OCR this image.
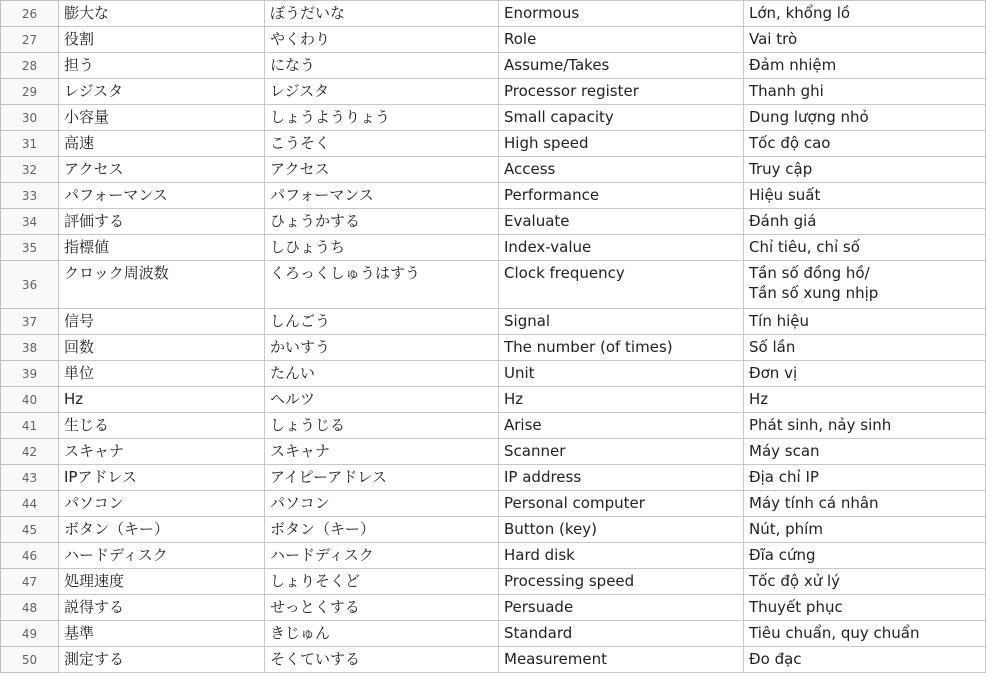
26	膨大な	ぼうだいな	Enormous	Lớn, khổng lồ

27	役割	やくわり	Role	Vai trò

28	担う	になう	Assume/Takes	Đảm nhiệm

29	レジスタ	レジスタ	Processor register	Thanh ghi

30	小容量	しょうようりょう	Small capacity	Dung lượng nhỏ

31	高速	こうそく	High speed	Tốc độ cao

32	アクセス	アクセス	Access	Truy cập

33	パフォーマンス	パフォーマンス	Performance	Hiệu suất

34	評価する	ひょうかする	Evaluate	Đánh giá

35	指標値	しひょうち	Index-value	Chỉ tiêu, chỉ số

36	クロック周波数	くろっくしゅうはすう	Clock frequency	Tần số đồng hồ/
Tần số xung nhịp

37	信号	しんごう	Signal	Tín hiệu

38	回数	かいすう	The number (of times)	Số lần

39	単位	たんい	Unit	Đơn vị

40	Hz	ヘルツ	Hz	Hz

41	生じる	しょうじる	Arise	Phát sinh, nảy sinh

42	スキャナ	スキャナ	Scanner	Máy scan

43	IPアドレス	アイピーアドレス	IP address	Địa chỉ IP

44	パソコン	パソコン	Personal computer	Máy tính cá nhân

45	ボタン（キー）	ボタン（キー）	Button (key)	Nút, phím

46	ハードディスク	ハードディスク	Hard disk	Đĩa cứng

47	処理速度	しょりそくど	Processing speed	Tốc độ xử lý

48	説得する	せっとくする	Persuade	Thuyết phục

49	基準	きじゅん	Standard	Tiêu chuẩn, quy chuẩn

50	測定する	そくていする	Measurement	Đo đạc
